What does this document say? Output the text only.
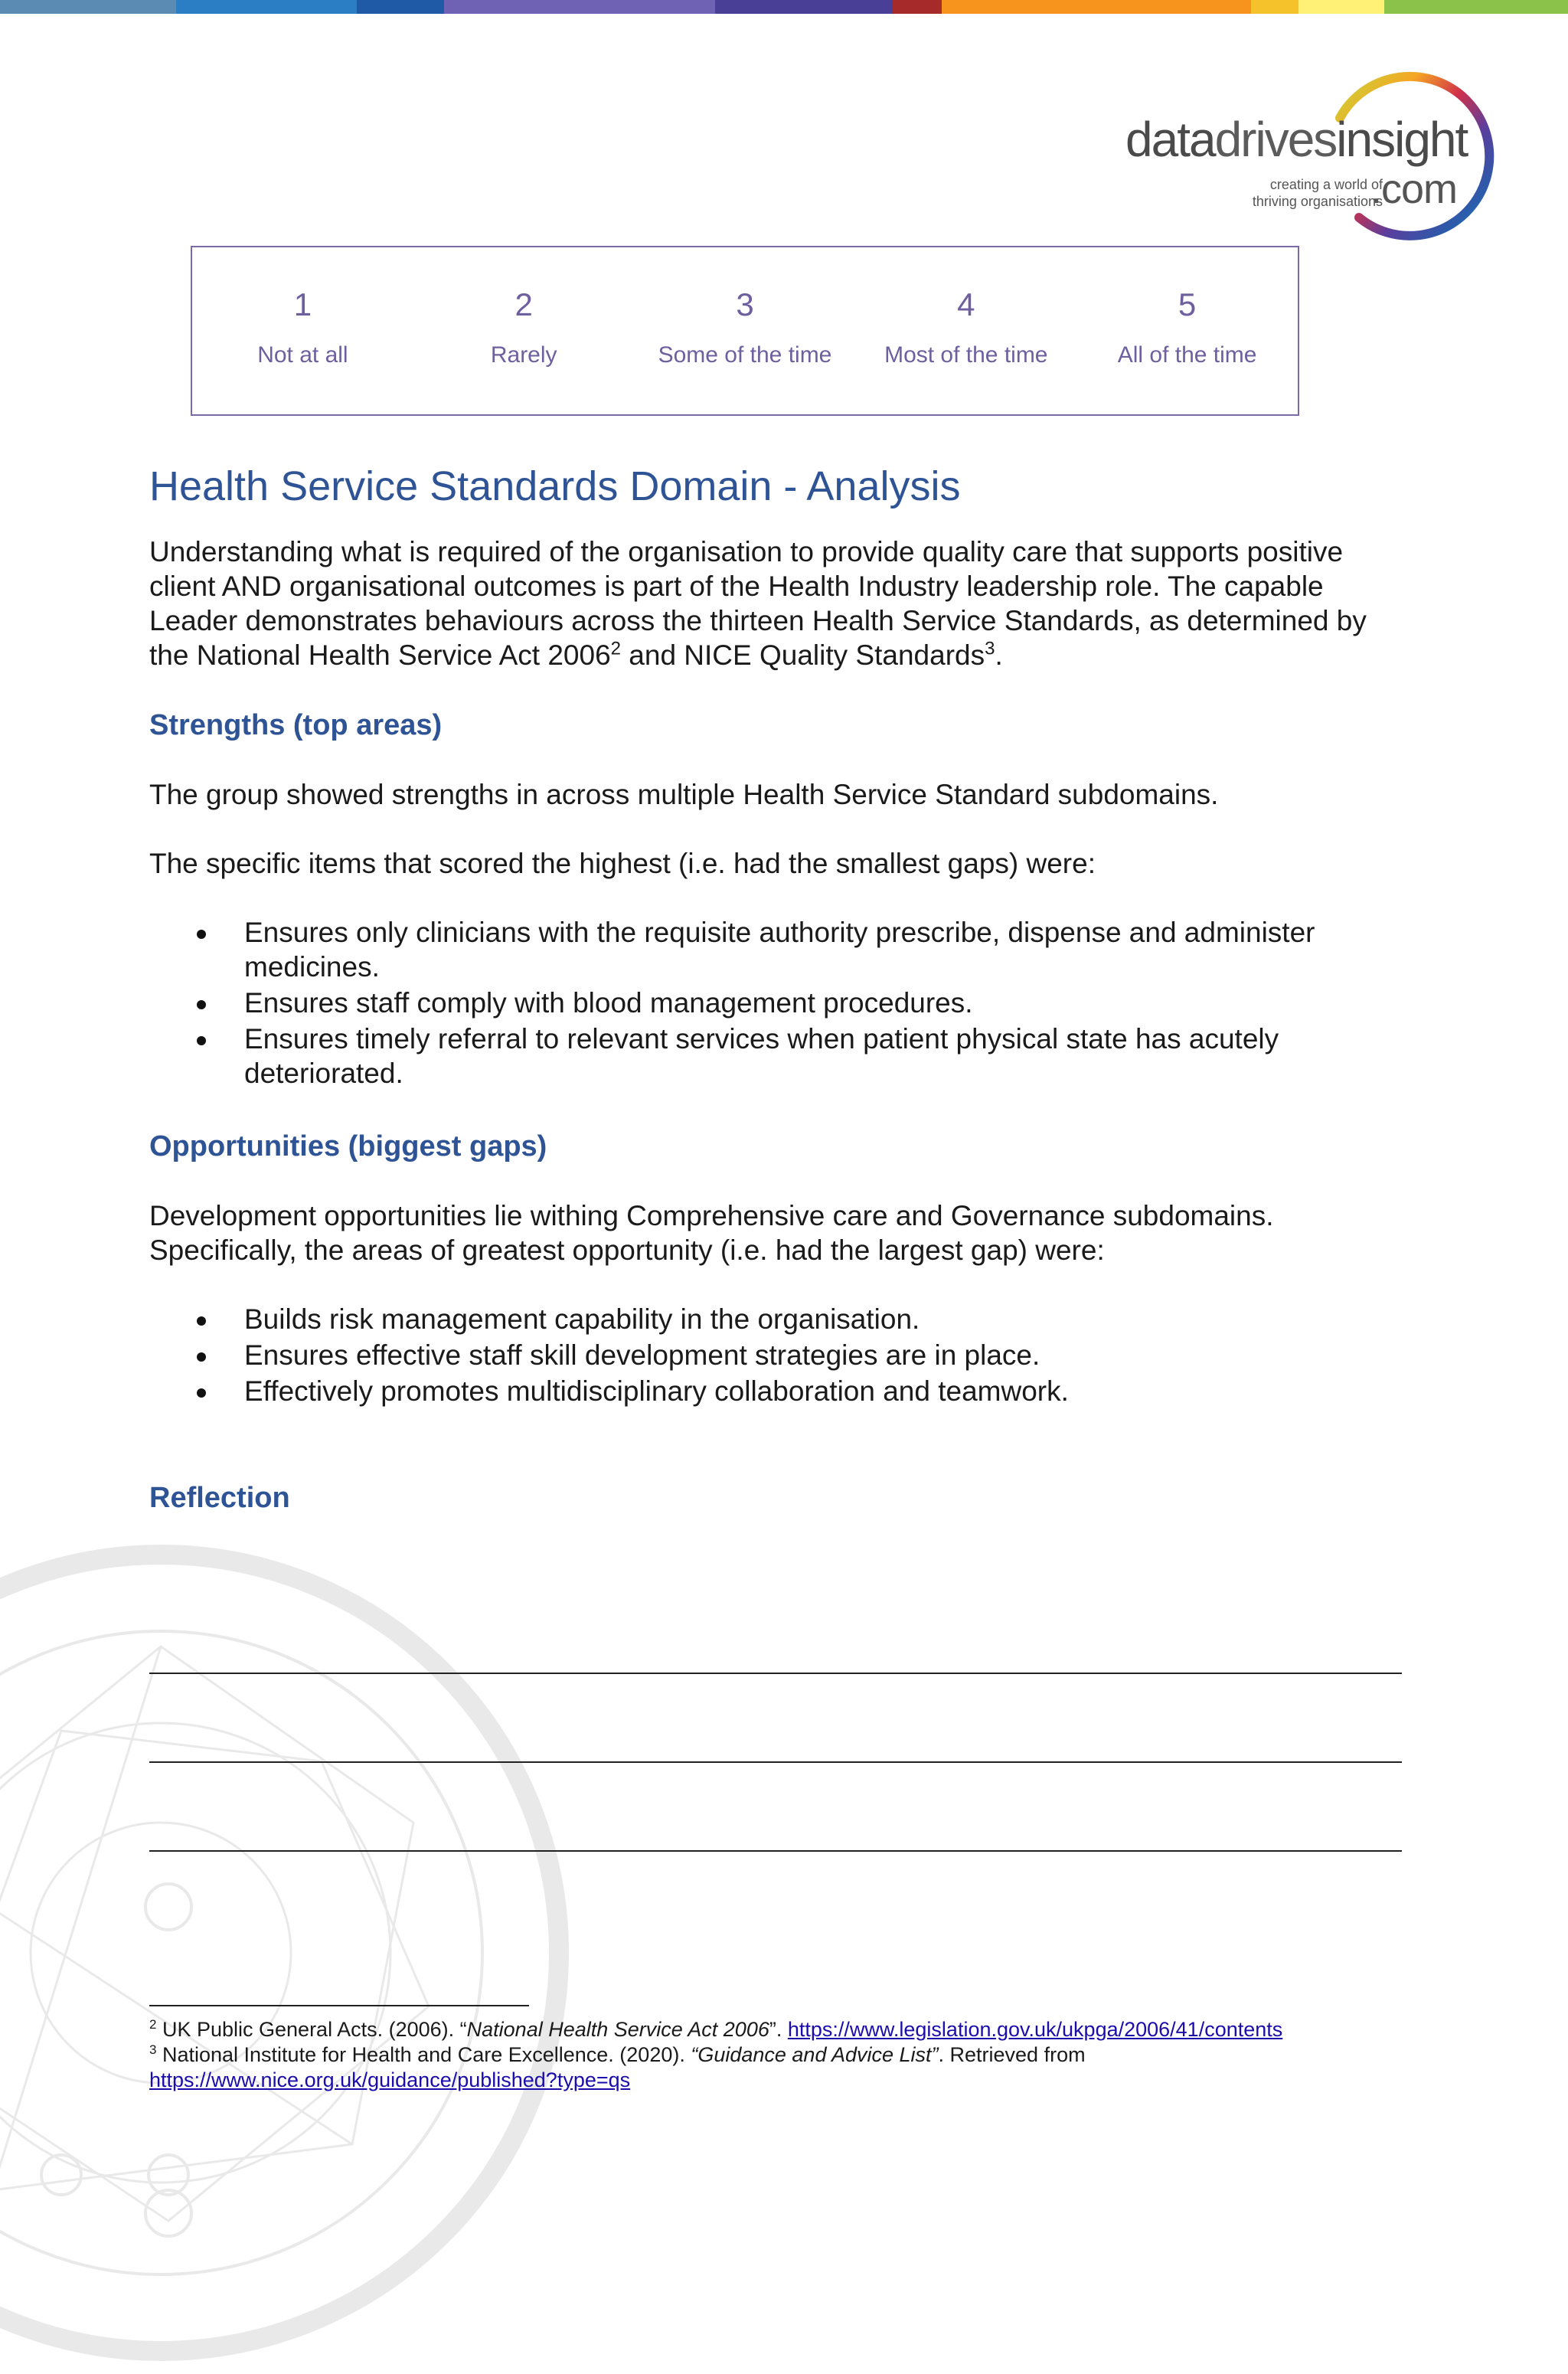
datadrivesinsight
creating a world of
thriving organisations
.com
1
Not at all
2
Rarely
3
Some of the time
4
Most of the time
5
All of the time
Health Service Standards Domain - Analysis

Understanding what is required of the organisation to provide quality care that supports positive client AND organisational outcomes is part of the Health Industry leadership role. The capable Leader demonstrates behaviours across the thirteen Health Service Standards, as determined by the National Health Service Act 2006$^2$ and NICE Quality Standards$^3$.

Strengths (top areas)

The group showed strengths in across multiple Health Service Standard subdomains.

The specific items that scored the highest (i.e. had the smallest gaps) were:

Ensures only clinicians with the requisite authority prescribe, dispense and administer medicines.
Ensures staff comply with blood management procedures.
Ensures timely referral to relevant services when patient physical state has acutely deteriorated.
Opportunities (biggest gaps)

Development opportunities lie withing Comprehensive care and Governance subdomains. Specifically, the areas of greatest opportunity (i.e. had the largest gap) were:

Builds risk management capability in the organisation.
Ensures effective staff skill development strategies are in place.
Effectively promotes multidisciplinary collaboration and teamwork.
Reflection

$^2$ UK Public General Acts. (2006). “National Health Service Act 2006”. https://www.legislation.gov.uk/ukpga/2006/41/contents

$^3$ National Institute for Health and Care Excellence. (2020). “Guidance and Advice List”. Retrieved from
https://www.nice.org.uk/guidance/published?type=qs
